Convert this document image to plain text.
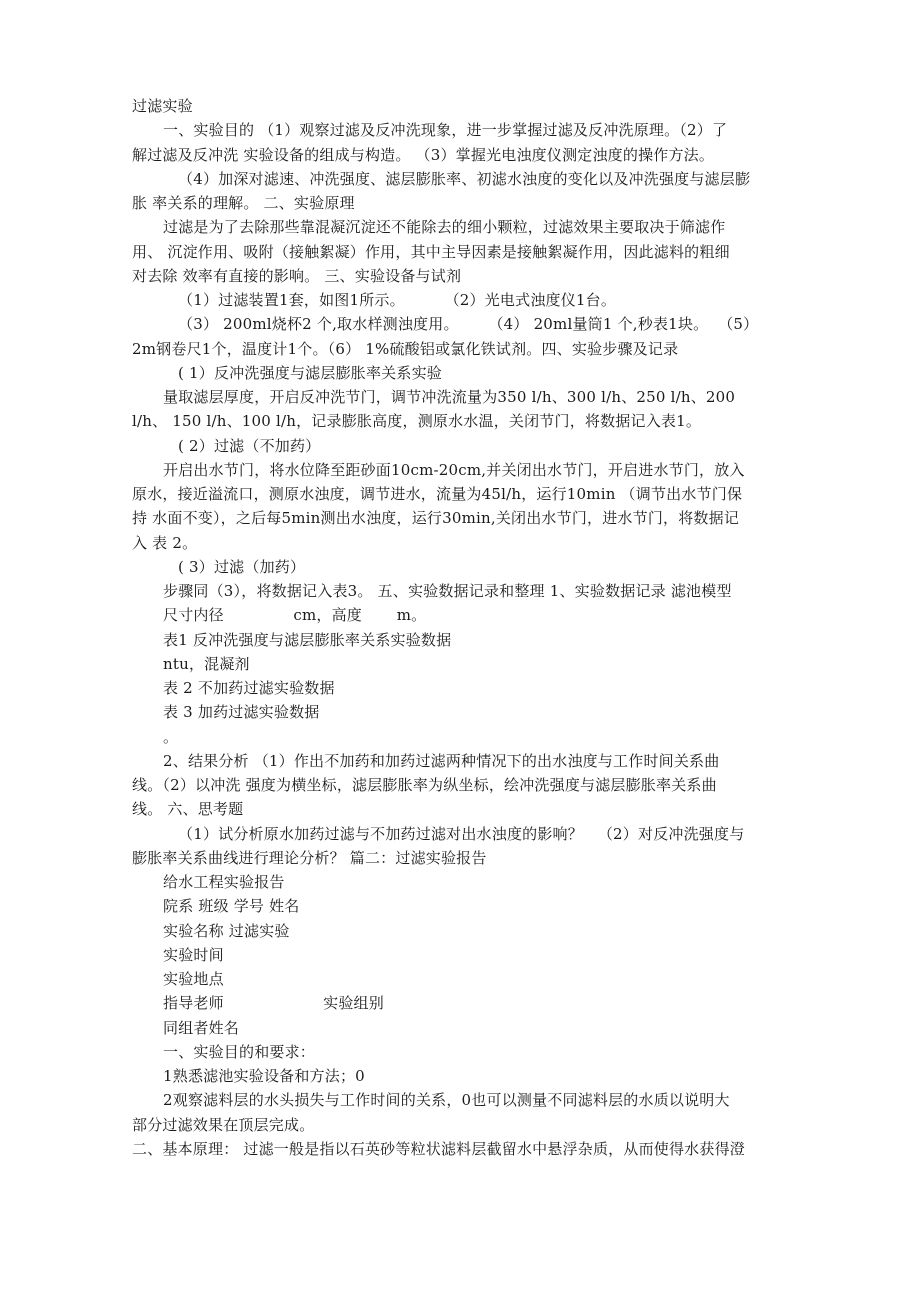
过滤实验
一、实验目的 （1）观察过滤及反冲洗现象，进一步掌握过滤及反冲洗原理。（2）了
解过滤及反冲洗 实验设备的组成与构造。 （3）掌握光电浊度仪测定浊度的操作方法。
（4）加深对滤速、冲洗强度、滤层膨胀率、初滤水浊度的变化以及冲洗强度与滤层膨
胀 率关系的理解。 二、实验原理
过滤是为了去除那些靠混凝沉淀还不能除去的细小颗粒，过滤效果主要取决于筛滤作
用、 沉淀作用、吸附（接触絮凝）作用，其中主导因素是接触絮凝作用，因此滤料的粗细
对去除 效率有直接的影响。 三、实验设备与试剂
（1）过滤装置1套，如图1所示。        （2）光电式浊度仪1台。
（3） 200ml烧杯2 个,取水样测浊度用。      （4） 20ml量筒1 个,秒表1块。  （5）
2m钢卷尺1个，温度计1个。（6） 1%硫酸铝或氯化铁试剂。四、实验步骤及记录
( 1）反冲洗强度与滤层膨胀率关系实验
量取滤层厚度，开启反冲洗节门，调节冲洗流量为350 l/h、300 l/h、250 l/h、200
l/h、 150 l/h、100 l/h，记录膨胀高度，测原水水温，关闭节门，将数据记入表1。
( 2）过滤（不加药）
开启出水节门，将水位降至距砂面10cm-20cm,并关闭出水节门，开启进水节门，放入
原水，接近溢流口，测原水浊度，调节进水，流量为45l/h，运行10min （调节出水节门保
持 水面不变），之后每5min测出水浊度，运行30min,关闭出水节门，进水节门，将数据记
入 表 2。
( 3）过滤（加药）
步骤同（3），将数据记入表3。 五、实验数据记录和整理 1、实验数据记录 滤池模型
尺寸内径              cm，高度       m。
表1 反冲洗强度与滤层膨胀率关系实验数据
ntu，混凝剂
表 2 不加药过滤实验数据
表 3 加药过滤实验数据
。
2、结果分析 （1）作出不加药和加药过滤两种情况下的出水浊度与工作时间关系曲
线。（2）以冲洗 强度为横坐标，滤层膨胀率为纵坐标，绘冲洗强度与滤层膨胀率关系曲
线。 六、思考题
（1）试分析原水加药过滤与不加药过滤对出水浊度的影响？   （2）对反冲洗强度与
膨胀率关系曲线进行理论分析？ 篇二：过滤实验报告
给水工程实验报告
院系 班级 学号 姓名
实验名称 过滤实验
实验时间
实验地点
指导老师                    实验组别
同组者姓名
一、实验目的和要求：
1熟悉滤池实验设备和方法；0
2观察滤料层的水头损失与工作时间的关系，0也可以测量不同滤料层的水质以说明大
部分过滤效果在顶层完成。
二、基本原理： 过滤一般是指以石英砂等粒状滤料层截留水中悬浮杂质，从而使得水获得澄
